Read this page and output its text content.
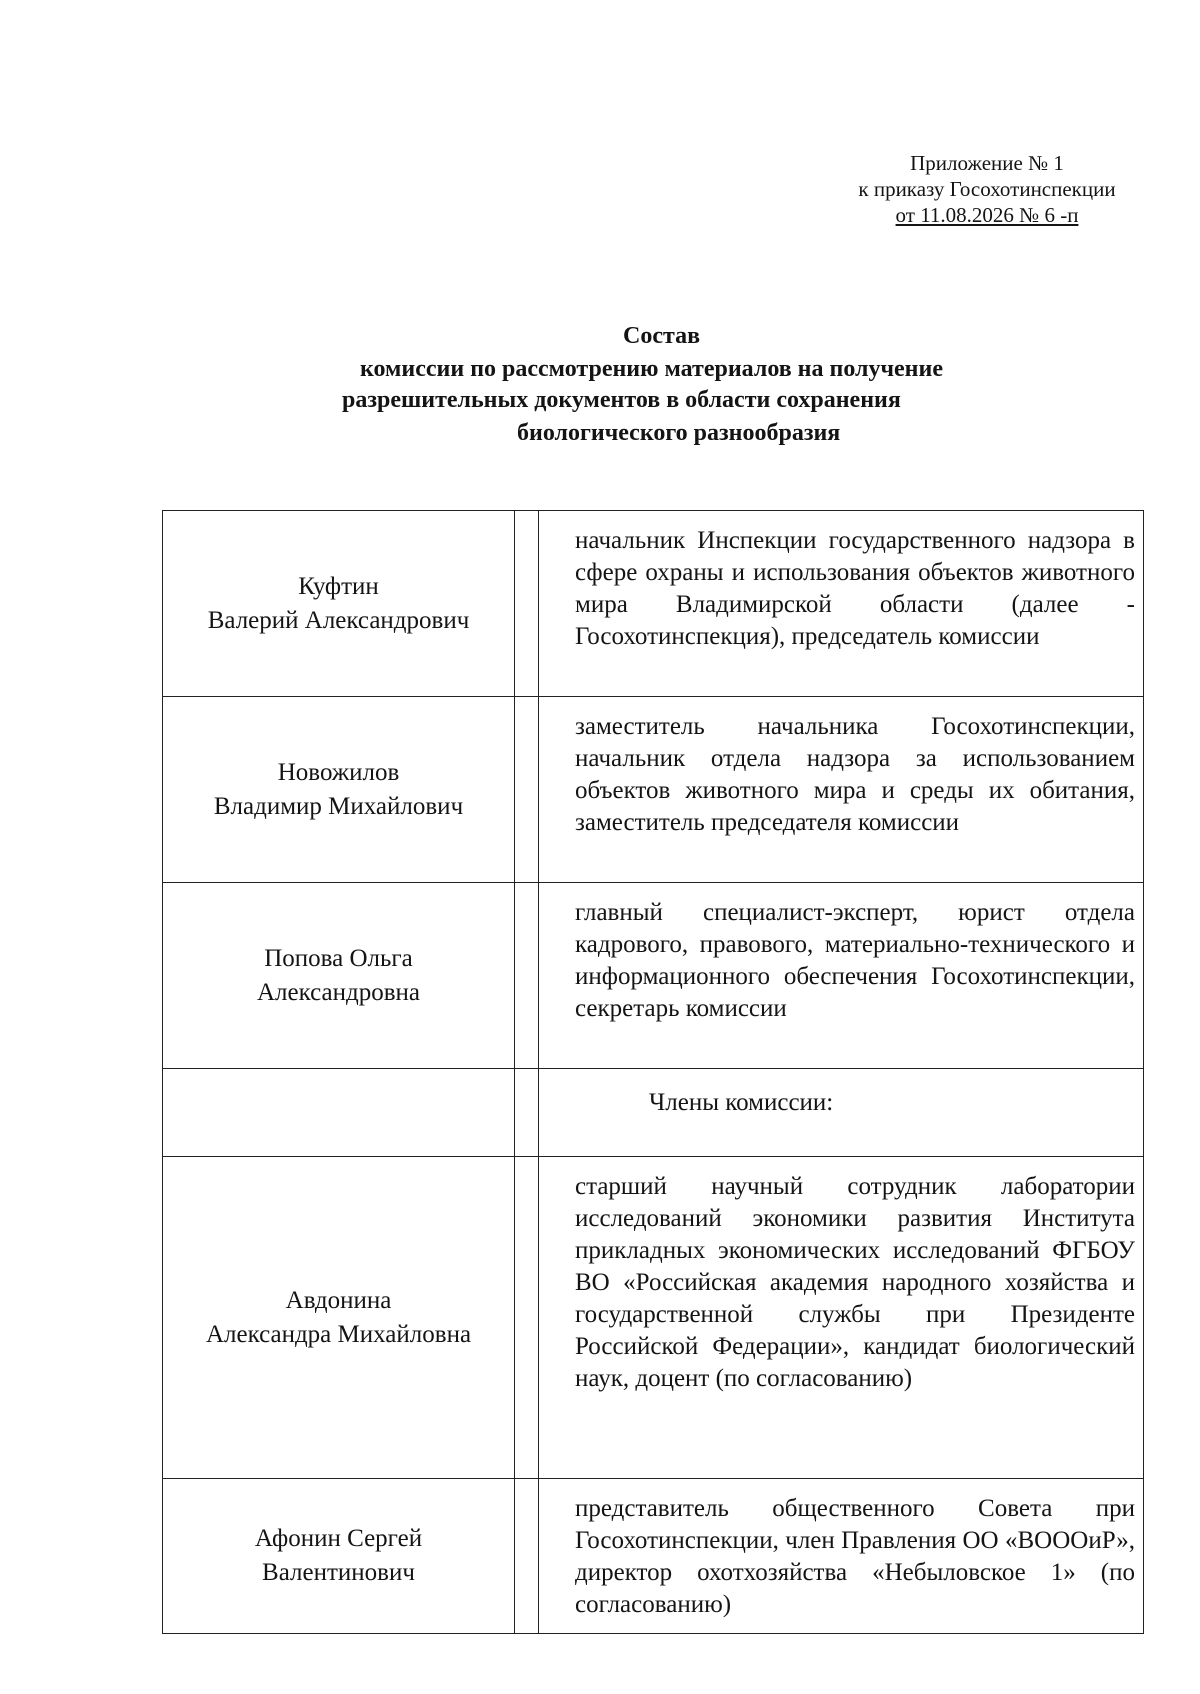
Приложение № 1
к приказу Госохотинспекции
от 11.08.2026 № 6 -п
Состав
комиссии по рассмотрению материалов на получение
разрешительных документов в области сохранения
биологического разнообразия
Куфтин
Валерий Александрович
начальник Инспекции государственного надзора в сфере охраны и использования объектов животного мира Владимирской области (далее - Госохотинспекция), председатель комиссии
Новожилов
Владимир Михайлович
заместитель начальника Госохотинспекции, начальник отдела надзора за использованием объектов животного мира и среды их обитания, заместитель председателя комиссии
Попова Ольга
Александровна
главный специалист-эксперт, юрист отдела кадрового, правового, материально-технического и информационного обеспечения Госохотинспекции, секретарь комиссии
Члены комиссии:
Авдонина
Александра Михайловна
старший научный сотрудник лаборатории исследований экономики развития Института прикладных экономических исследований ФГБОУ ВО «Российская академия народного хозяйства и государственной службы при Президенте Российской Федерации», кандидат биологический наук, доцент (по согласованию)
Афонин Сергей
Валентинович
представитель общественного Совета при Госохотинспекции, член Правления ОО «ВОООиР», директор охотхозяйства «Небыловское 1» (по согласованию)
